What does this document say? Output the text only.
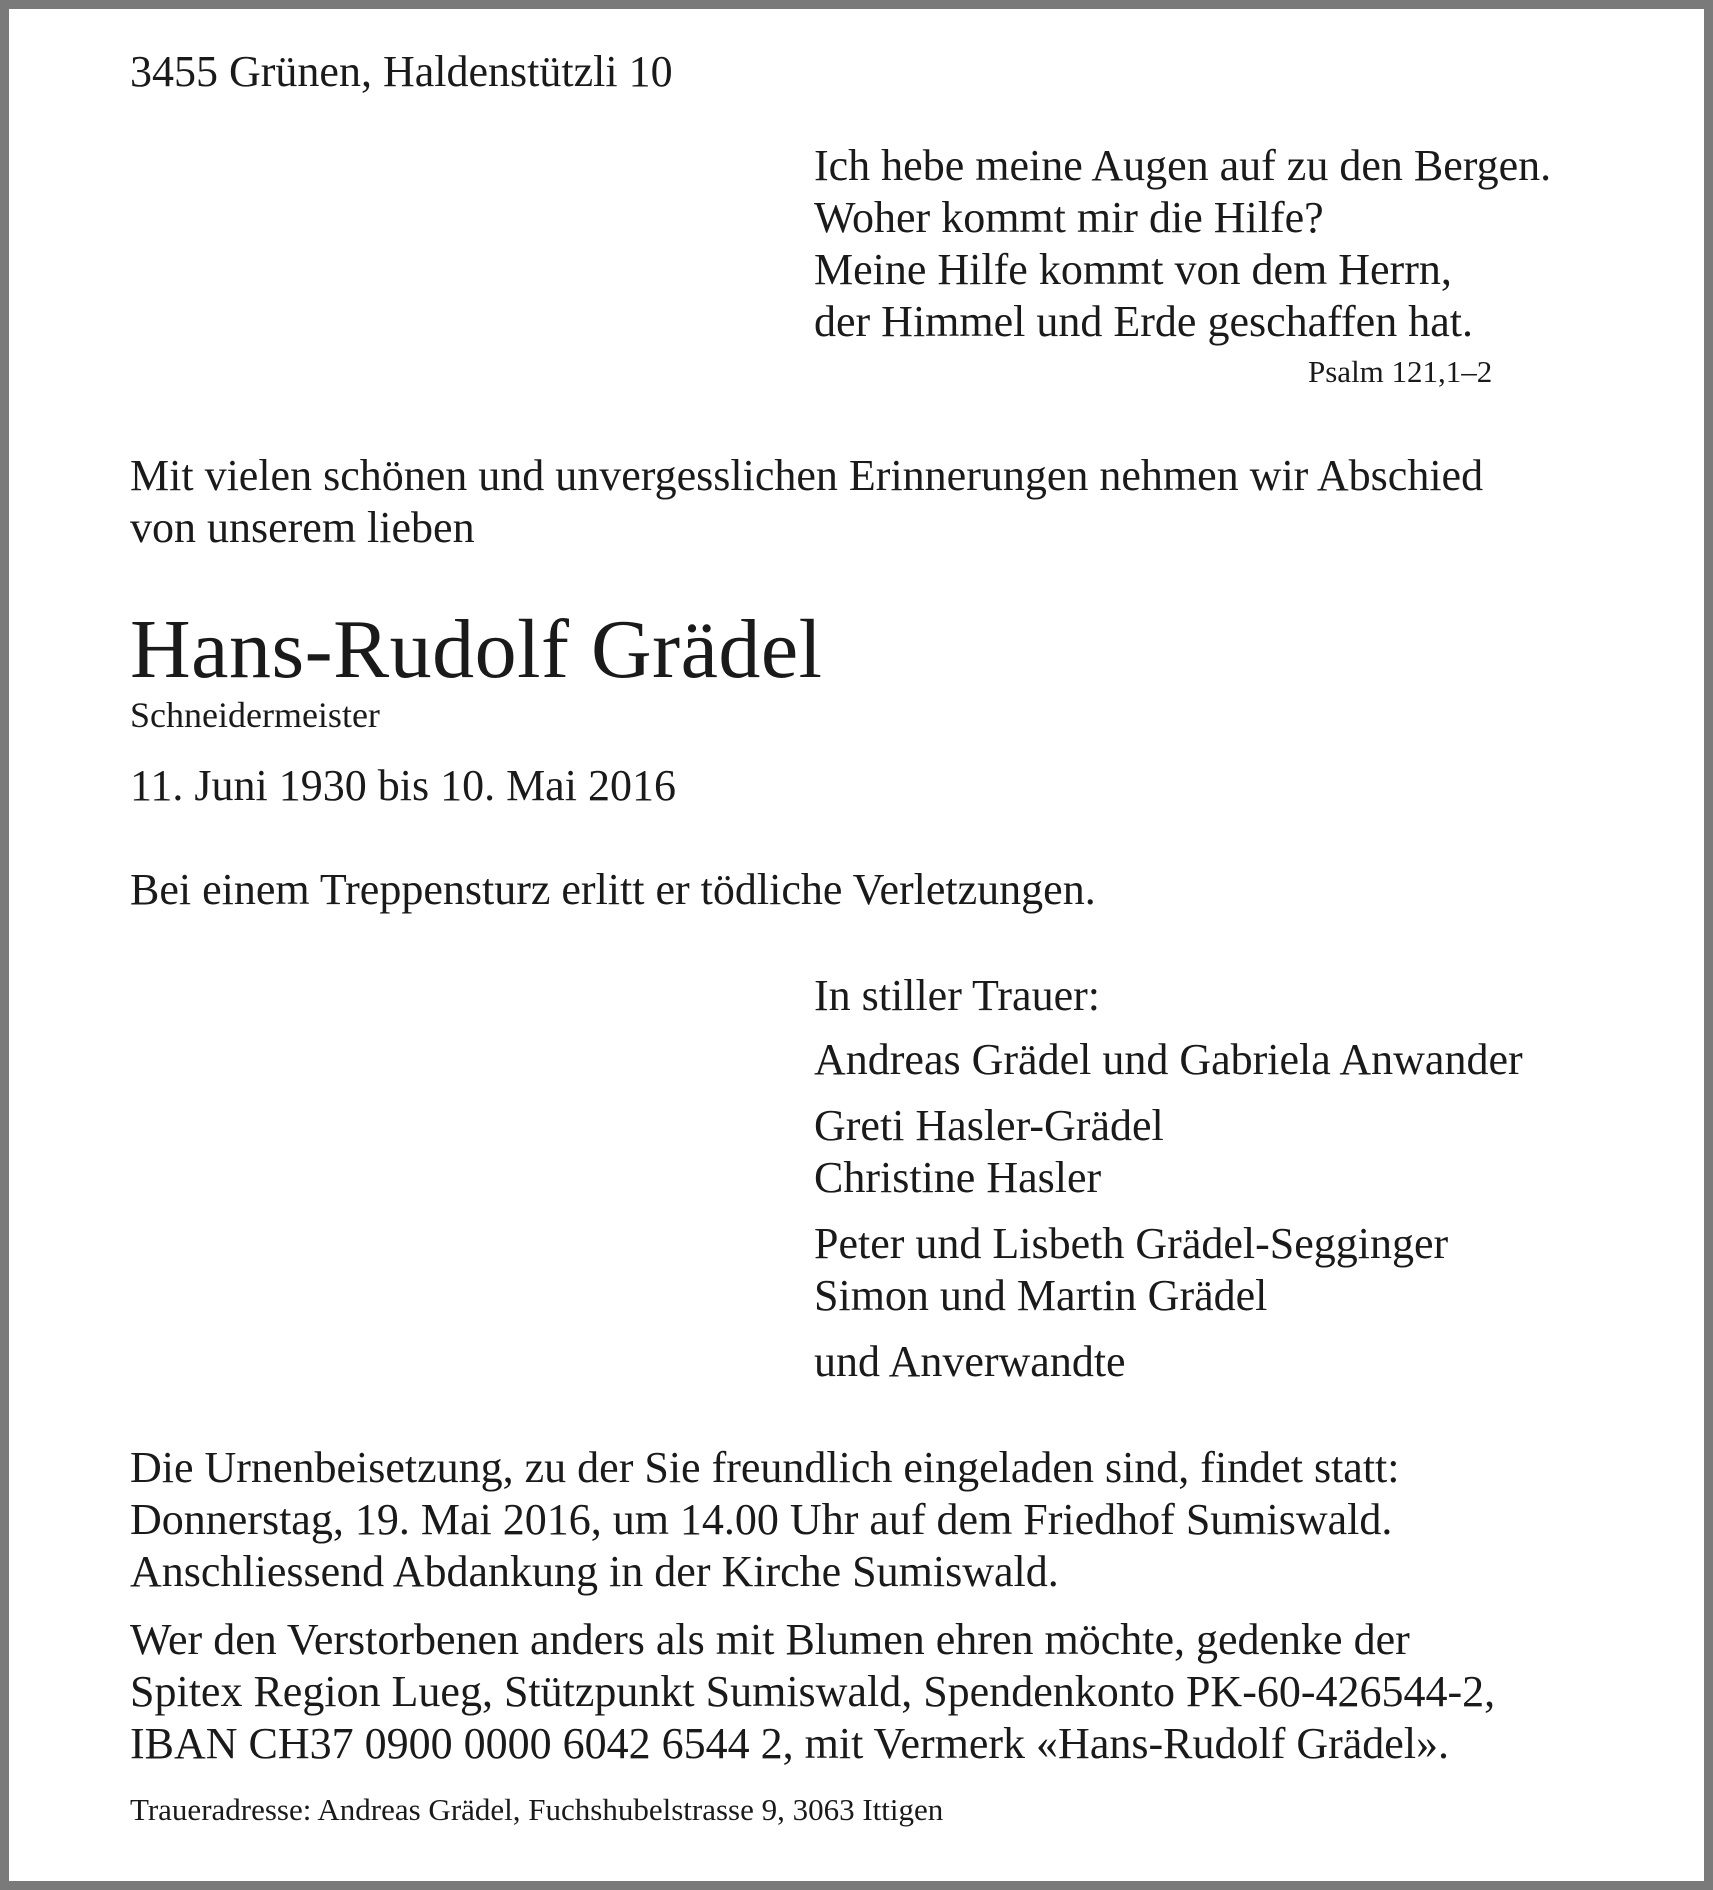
3455 Grünen, Haldenstützli 10

Ich hebe meine Augen auf zu den Bergen.
Woher kommt mir die Hilfe?
Meine Hilfe kommt von dem Herrn,
der Himmel und Erde geschaffen hat.

Psalm 121,1–2

Mit vielen schönen und unvergesslichen Erinnerungen nehmen wir Abschied
von unserem lieben

Hans-Rudolf Grädel

Schneidermeister

11. Juni 1930 bis 10. Mai 2016

Bei einem Treppensturz erlitt er tödliche Verletzungen.

In stiller Trauer:
Andreas Grädel und Gabriela Anwander
Greti Hasler-Grädel
Christine Hasler
Peter und Lisbeth Grädel-Segginger
Simon und Martin Grädel
und Anverwandte
Die Urnenbeisetzung, zu der Sie freundlich eingeladen sind, findet statt:
Donnerstag, 19. Mai 2016, um 14.00 Uhr auf dem Friedhof Sumiswald.
Anschliessend Abdankung in der Kirche Sumiswald.
Wer den Verstorbenen anders als mit Blumen ehren möchte, gedenke der
Spitex Region Lueg, Stützpunkt Sumiswald, Spendenkonto PK-60-426544-2,
IBAN CH37 0900 0000 6042 6544 2, mit Vermerk «Hans-Rudolf Grädel».

Traueradresse: Andreas Grädel, Fuchshubelstrasse 9, 3063 Ittigen
